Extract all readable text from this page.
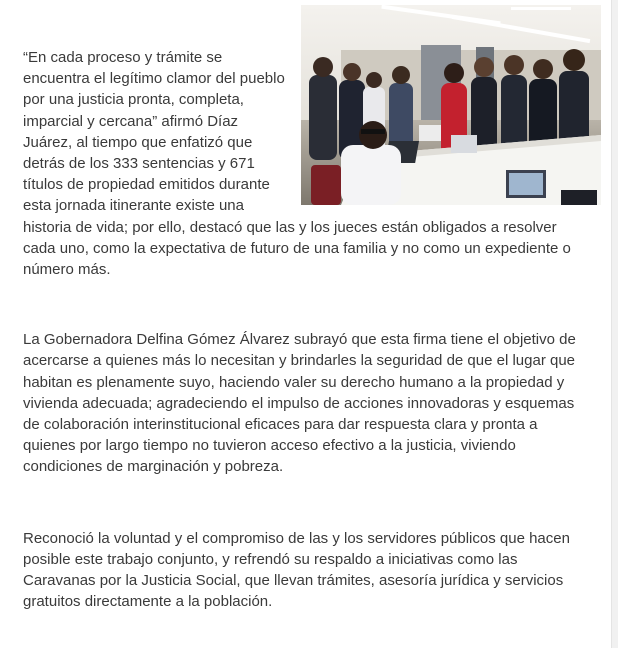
“En cada proceso y trámite se encuentra el legítimo clamor del pueblo por una justicia pronta, completa, imparcial y cercana” afirmó Díaz Juárez, al tiempo que enfatizó que detrás de los 333 sentencias y 671 títulos de propiedad emitidos durante esta jornada itinerante existe una historia de vida; por ello, destacó que las y los jueces están obligados a resolver cada uno, como la expectativa de futuro de una familia y no como un expediente o número más.

La Gobernadora Delfina Gómez Álvarez subrayó que esta firma tiene el objetivo de acercarse a quienes más lo necesitan y brindarles la seguridad de que el lugar que habitan es plenamente suyo, haciendo valer su derecho humano a la propiedad y vivienda adecuada; agradeciendo el impulso de acciones innovadoras y esquemas de colaboración interinstitucional eficaces para dar respuesta clara y pronta a quienes por largo tiempo no tuvieron acceso efectivo a la justicia, viviendo condiciones de marginación y pobreza.

Reconoció la voluntad y el compromiso de las y los servidores públicos que hacen posible este trabajo conjunto, y refrendó su respaldo a iniciativas como las Caravanas por la Justicia Social, que llevan trámites, asesoría jurídica y servicios gratuitos directamente a la población.
